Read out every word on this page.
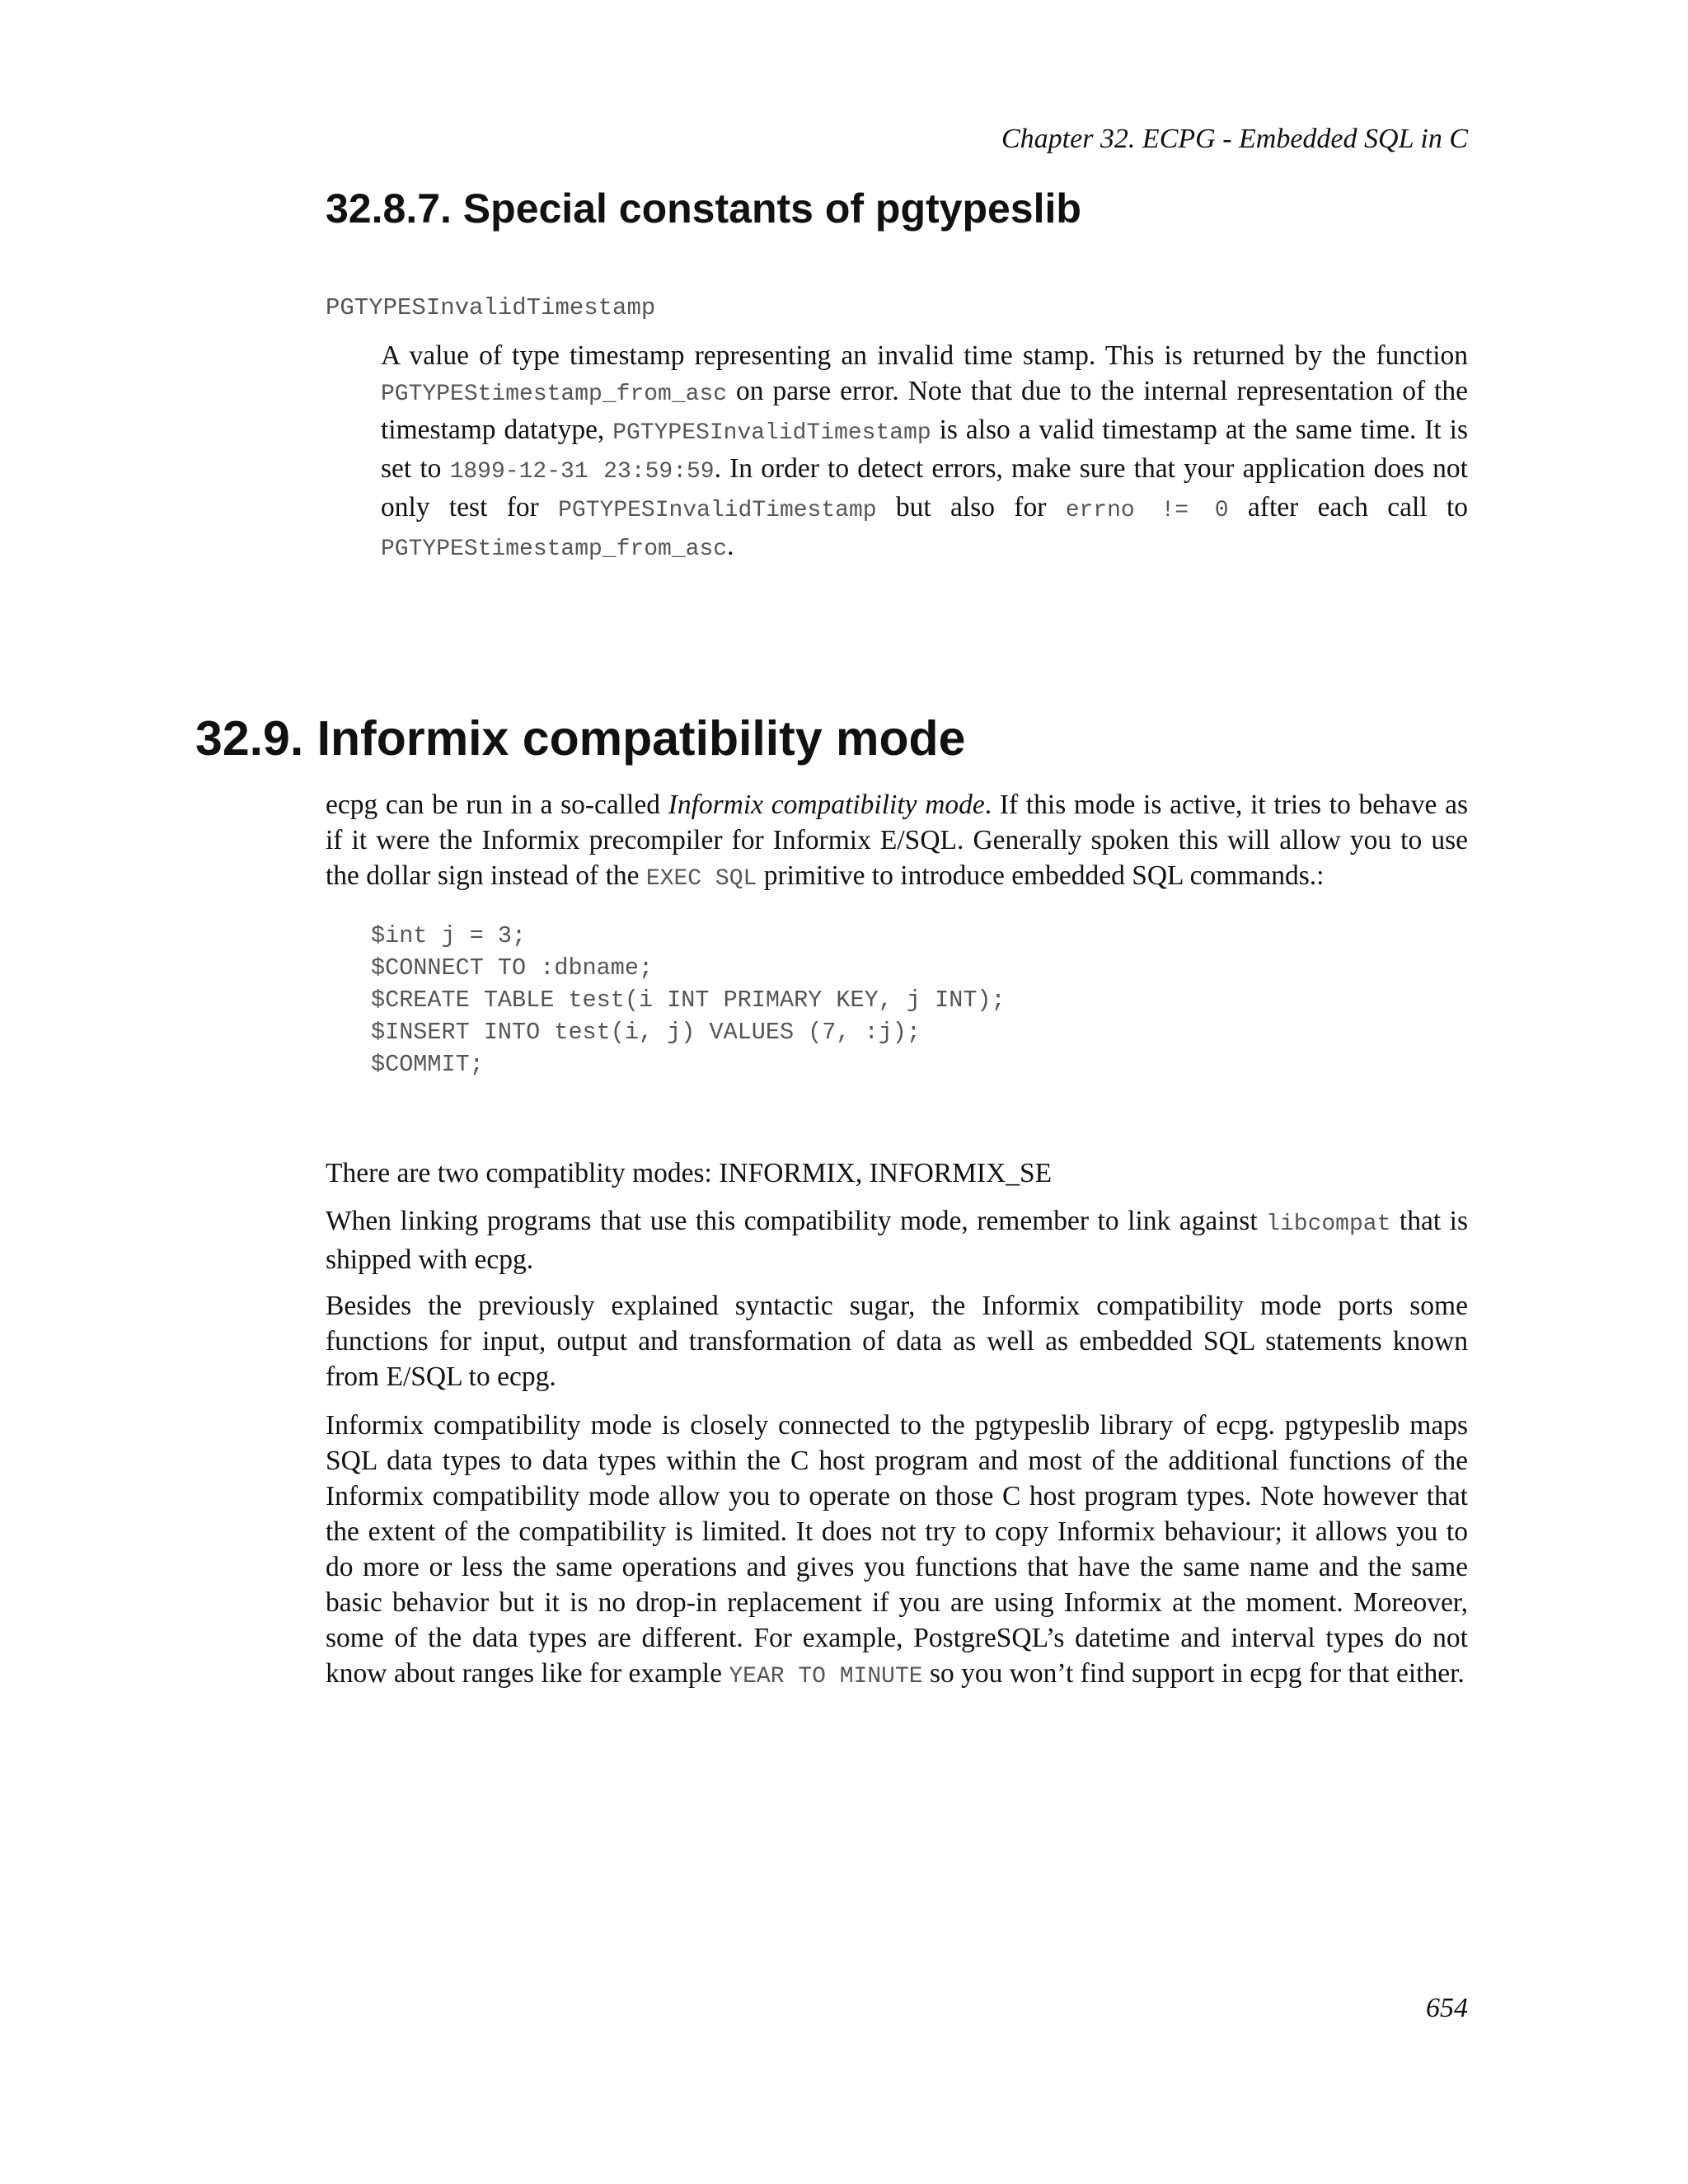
Chapter 32. ECPG - Embedded SQL in C
32.8.7. Special constants of pgtypeslib
PGTYPESInvalidTimestamp

A value of type timestamp representing an invalid time stamp. This is returned by the function PGTYPEStimestamp_from_asc on parse error. Note that due to the internal representation of the timestamp datatype, PGTYPESInvalidTimestamp is also a valid timestamp at the same time. It is set to 1899-12-31 23:59:59. In order to detect errors, make sure that your application does not only test for PGTYPESInvalidTimestamp but also for errno != 0 after each call to PGTYPEStimestamp_from_asc.

32.9. Informix compatibility mode

ecpg can be run in a so-called Informix compatibility mode. If this mode is active, it tries to behave as if it were the Informix precompiler for Informix E/SQL. Generally spoken this will allow you to use the dollar sign instead of the EXEC SQL primitive to introduce embedded SQL commands.:

$int j = 3;
$CONNECT TO :dbname;
$CREATE TABLE test(i INT PRIMARY KEY, j INT);
$INSERT INTO test(i, j) VALUES (7, :j);
$COMMIT;

There are two compatiblity modes: INFORMIX, INFORMIX_SE

When linking programs that use this compatibility mode, remember to link against libcompat that is shipped with ecpg.

Besides the previously explained syntactic sugar, the Informix compatibility mode ports some functions for input, output and transformation of data as well as embedded SQL statements known from E/SQL to ecpg.

Informix compatibility mode is closely connected to the pgtypeslib library of ecpg. pgtypeslib maps SQL data types to data types within the C host program and most of the additional functions of the Informix compatibility mode allow you to operate on those C host program types. Note however that the extent of the compatibility is limited. It does not try to copy Informix behaviour; it allows you to do more or less the same operations and gives you functions that have the same name and the same basic behavior but it is no drop-in replacement if you are using Informix at the moment. Moreover, some of the data types are different. For example, PostgreSQL’s datetime and interval types do not know about ranges like for example YEAR TO MINUTE so you won’t find support in ecpg for that either.

654
